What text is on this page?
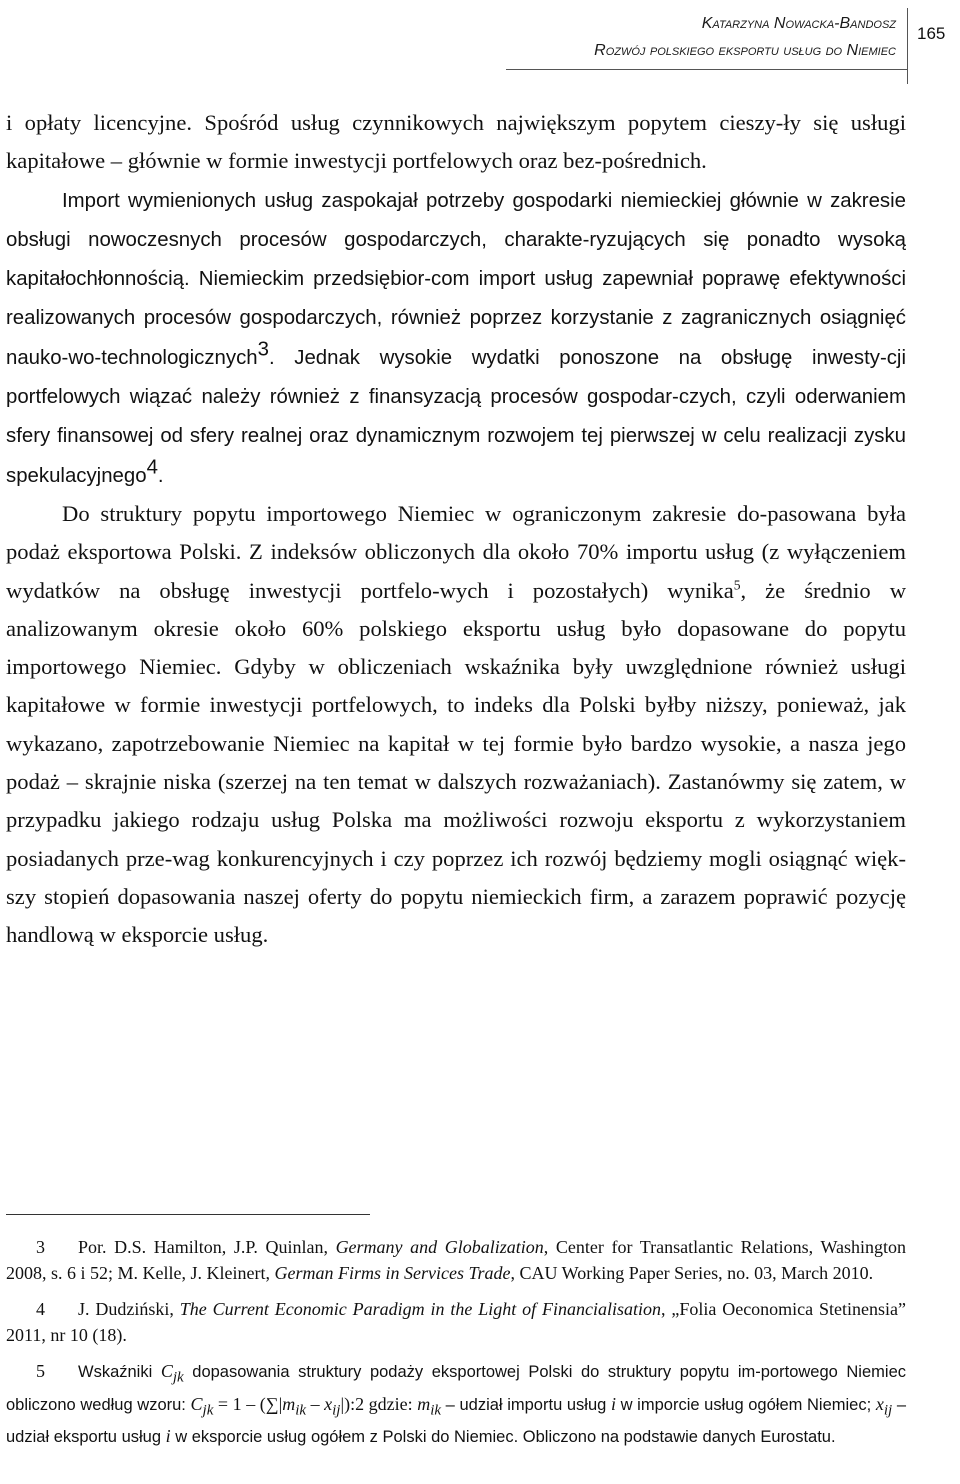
Katarzyna Nowacka-Bandosz
Rozwój polskiego eksportu usług do Niemiec
165

i opłaty licencyjne. Spośród usług czynnikowych największym popytem cieszy-ły się usługi kapitałowe – głównie w formie inwestycji portfelowych oraz bez-pośrednich.

Import wymienionych usług zaspokajał potrzeby gospodarki niemieckiej głównie w zakresie obsługi nowoczesnych procesów gospodarczych, charakte-ryzujących się ponadto wysoką kapitałochłonnością. Niemieckim przedsiębior-com import usług zapewniał poprawę efektywności realizowanych procesów gospodarczych, również poprzez korzystanie z zagranicznych osiągnięć nauko-wo-technologicznych$^3$. Jednak wysokie wydatki ponoszone na obsługę inwesty-cji portfelowych wiązać należy również z finansyzacją procesów gospodar-czych, czyli oderwaniem sfery finansowej od sfery realnej oraz dynamicznym rozwojem tej pierwszej w celu realizacji zysku spekulacyjnego$^4$.

Do struktury popytu importowego Niemiec w ograniczonym zakresie do-pasowana była podaż eksportowa Polski. Z indeksów obliczonych dla około 70% importu usług (z wyłączeniem wydatków na obsługę inwestycji portfelo-wych i pozostałych) wynika$^5$, że średnio w analizowanym okresie około 60% polskiego eksportu usług było dopasowane do popytu importowego Niemiec. Gdyby w obliczeniach wskaźnika były uwzględnione również usługi kapitałowe w formie inwestycji portfelowych, to indeks dla Polski byłby niższy, ponieważ, jak wykazano, zapotrzebowanie Niemiec na kapitał w tej formie było bardzo wysokie, a nasza jego podaż – skrajnie niska (szerzej na ten temat w dalszych rozważaniach). Zastanówmy się zatem, w przypadku jakiego rodzaju usług Polska ma możliwości rozwoju eksportu z wykorzystaniem posiadanych prze-wag konkurencyjnych i czy poprzez ich rozwój będziemy mogli osiągnąć więk-szy stopień dopasowania naszej oferty do popytu niemieckich firm, a zarazem poprawić pozycję handlową w eksporcie usług.

3 Por. D.S. Hamilton, J.P. Quinlan, Germany and Globalization, Center for Transatlantic Relations, Washington 2008, s. 6 i 52; M. Kelle, J. Kleinert, German Firms in Services Trade, CAU Working Paper Series, no. 03, March 2010.

4 J. Dudziński, The Current Economic Paradigm in the Light of Financialisation, „Folia Oeconomica Stetinensia” 2011, nr 10 (18).

5 Wskaźniki $C_{jk}$ dopasowania struktury podaży eksportowej Polski do struktury popytu im-portowego Niemiec obliczono według wzoru: $C_{jk} = 1 - (\sum|m_{ik}$ – $x_{ij}|):2$ gdzie: $m_{ik}$ – udział importu usług i w imporcie usług ogółem Niemiec; $x_{ij}$ – udział eksportu usług i w eksporcie usług ogółem z Polski do Niemiec. Obliczono na podstawie danych Eurostatu.
